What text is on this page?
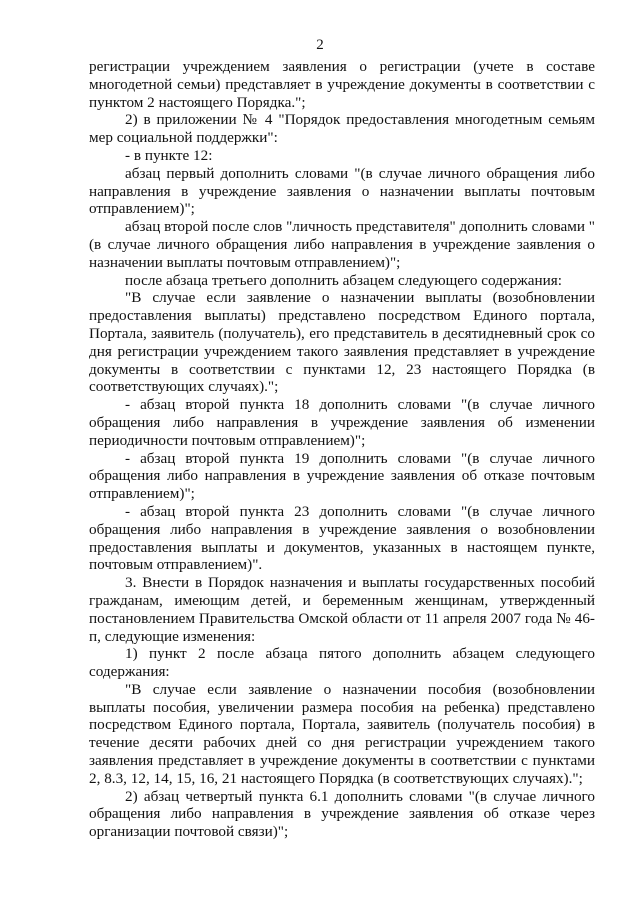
2

регистрации учреждением заявления о регистрации (учете в составе многодетной семьи) представляет в учреждение документы в соответствии с пунктом 2 настоящего Порядка.";

2) в приложении № 4 "Порядок предоставления многодетным семьям мер социальной поддержки":

- в пункте 12:

абзац первый дополнить словами "(в случае личного обращения либо направления в учреждение заявления о назначении выплаты почтовым отправлением)";

абзац второй после слов "личность представителя" дополнить словами "(в случае личного обращения либо направления в учреждение заявления о назначении выплаты почтовым отправлением)";

после абзаца третьего дополнить абзацем следующего содержания:

"В случае если заявление о назначении выплаты (возобновлении предоставления выплаты) представлено посредством Единого портала, Портала, заявитель (получатель), его представитель в десятидневный срок со дня регистрации учреждением такого заявления представляет в учреждение документы в соответствии с пунктами 12, 23 настоящего Порядка (в соответствующих случаях).";

- абзац второй пункта 18 дополнить словами "(в случае личного обращения либо направления в учреждение заявления об изменении периодичности почтовым отправлением)";

- абзац второй пункта 19 дополнить словами "(в случае личного обращения либо направления в учреждение заявления об отказе почтовым отправлением)";

- абзац второй пункта 23 дополнить словами "(в случае личного обращения либо направления в учреждение заявления о возобновлении предоставления выплаты и документов, указанных в настоящем пункте, почтовым отправлением)".

3. Внести в Порядок назначения и выплаты государственных пособий гражданам, имеющим детей, и беременным женщинам, утвержденный постановлением Правительства Омской области от 11 апреля 2007 года № 46-п, следующие изменения:

1) пункт 2 после абзаца пятого дополнить абзацем следующего содержания:

"В случае если заявление о назначении пособия (возобновлении выплаты пособия, увеличении размера пособия на ребенка) представлено посредством Единого портала, Портала, заявитель (получатель пособия) в течение десяти рабочих дней со дня регистрации учреждением такого заявления представляет в учреждение документы в соответствии с пунктами 2, 8.3, 12, 14, 15, 16, 21 настоящего Порядка (в соответствующих случаях).";

2) абзац четвертый пункта 6.1 дополнить словами "(в случае личного обращения либо направления в учреждение заявления об отказе через организации почтовой связи)";
